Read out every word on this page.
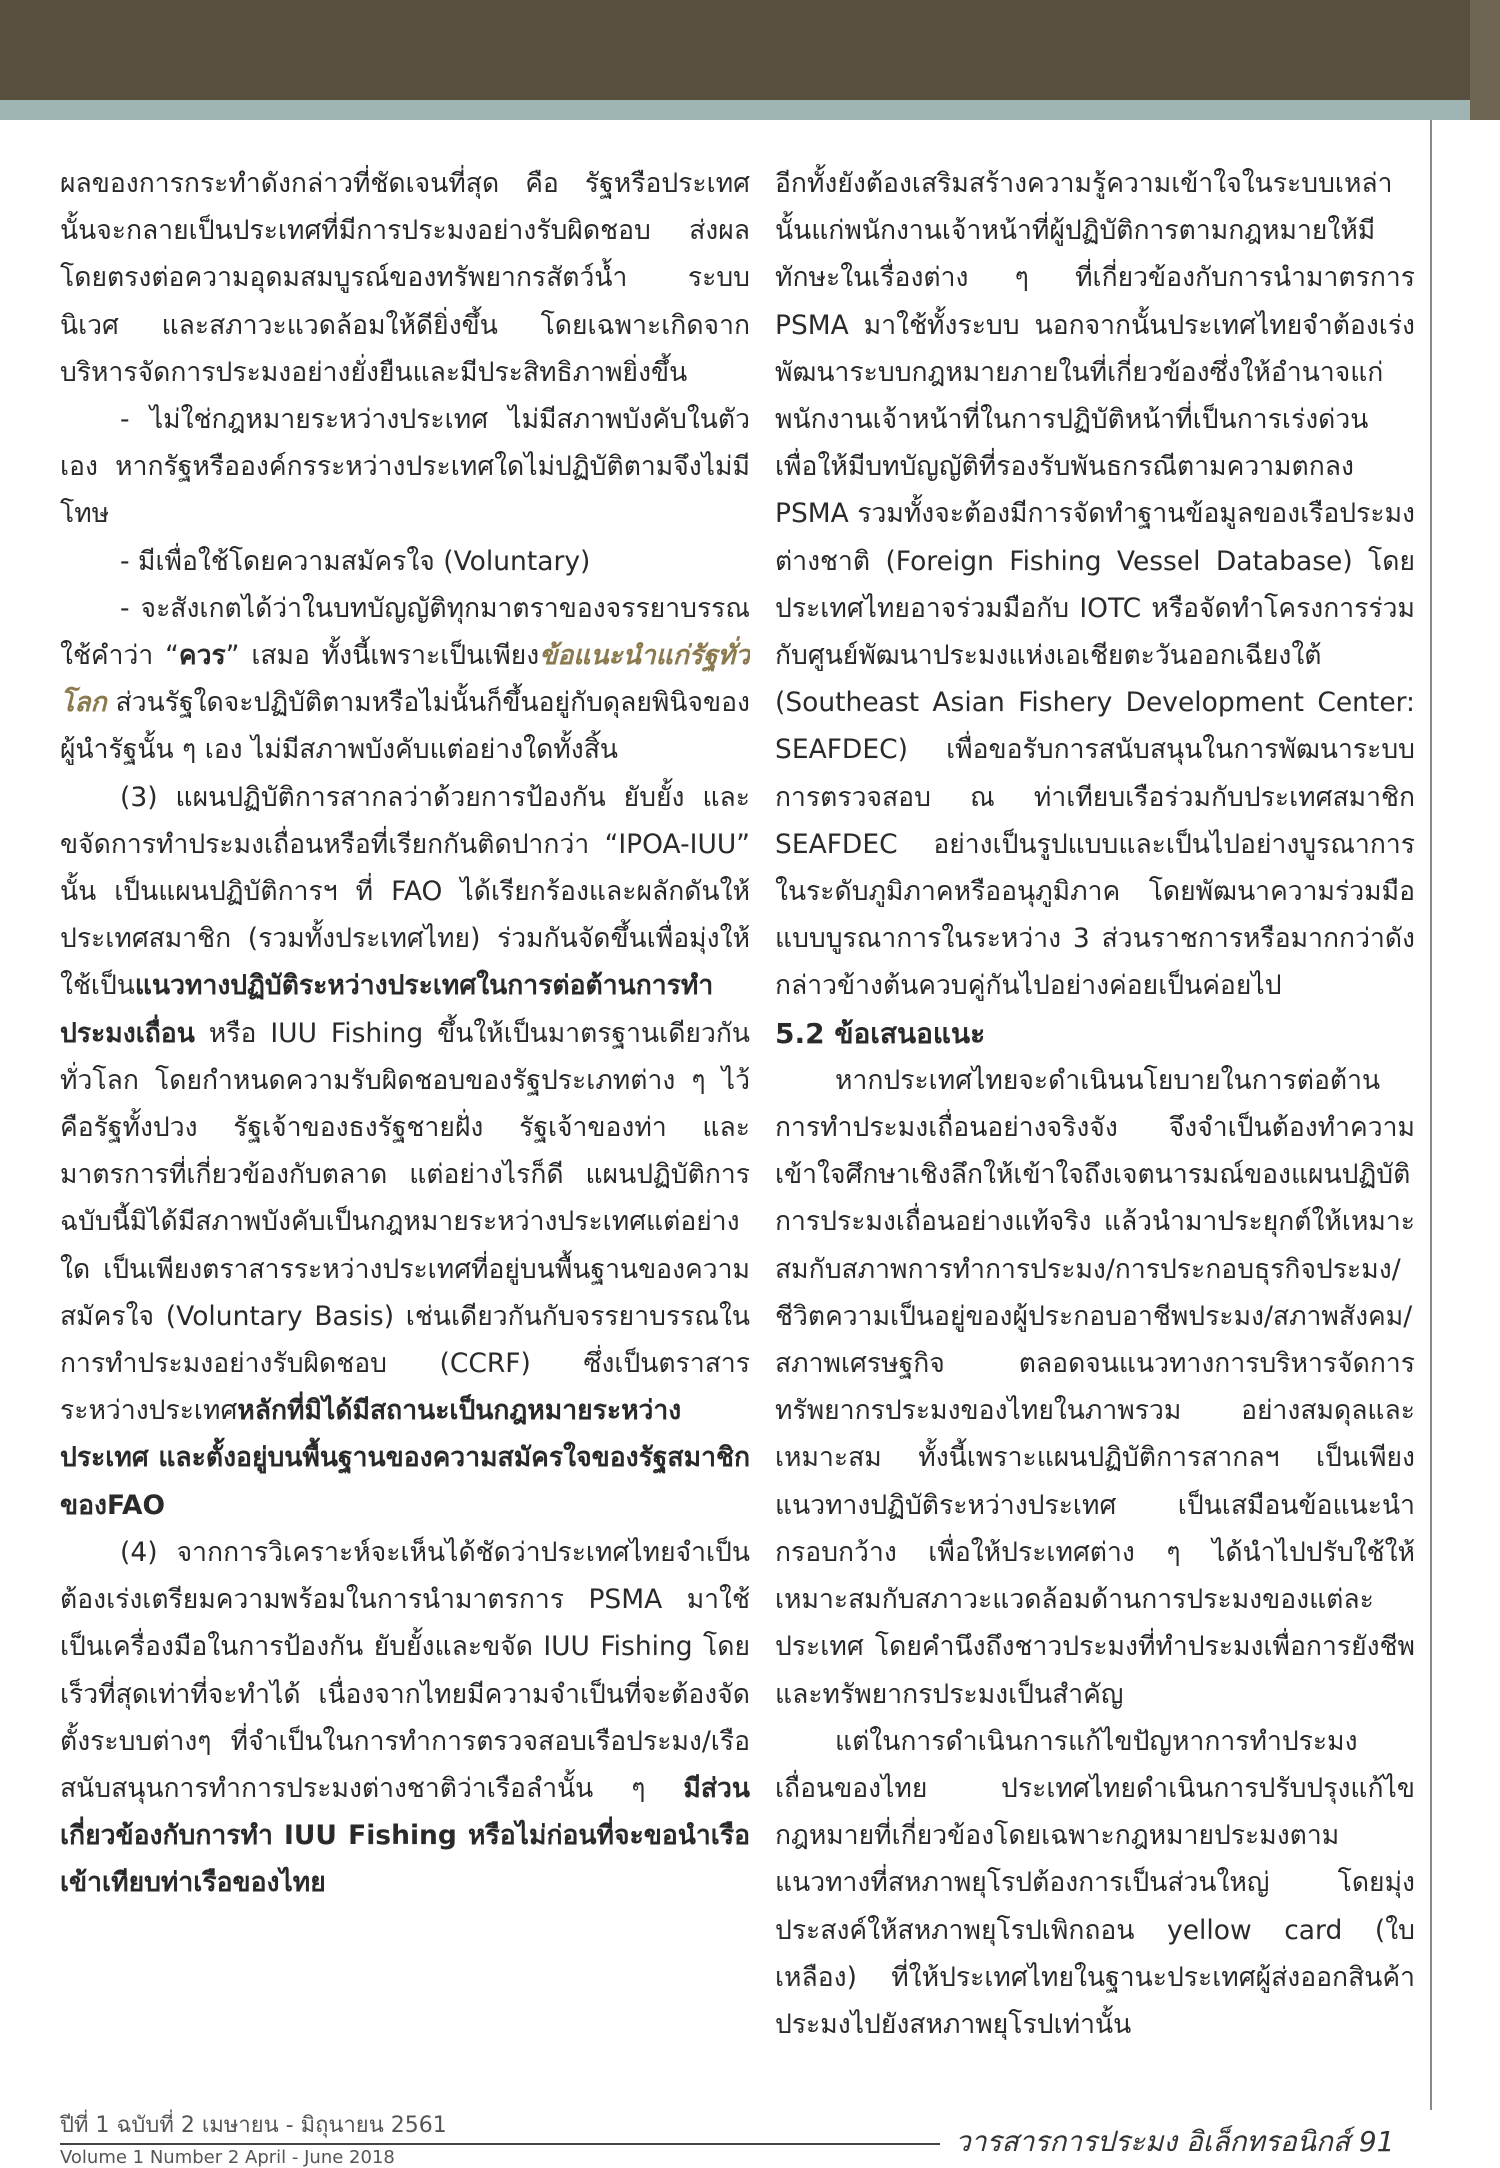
ผลของการกระทำดังกล่าวที่ชัดเจนที่สุด คือ รัฐหรือประเทศนั้นจะกลายเป็นประเทศที่มีการประมงอย่างรับผิดชอบ ส่งผลโดยตรงต่อความอุดมสมบูรณ์ของทรัพยากรสัตว์น้ำ ระบบนิเวศ และสภาวะแวดล้อมให้ดียิ่งขึ้น โดยเฉพาะเกิดจากบริหารจัดการประมงอย่างยั่งยืนและมีประสิทธิภาพยิ่งขึ้น

- ไม่ใช่กฎหมายระหว่างประเทศ ไม่มีสภาพบังคับในตัวเอง หากรัฐหรือองค์กรระหว่างประเทศใดไม่ปฏิบัติตามจึงไม่มีโทษ

- มีเพื่อใช้โดยความสมัครใจ (Voluntary)

- จะสังเกตได้ว่าในบทบัญญัติทุกมาตราของจรรยาบรรณใช้คำว่า “ควร” เสมอ ทั้งนี้เพราะเป็นเพียงข้อแนะนำแก่รัฐทั่วโลก ส่วนรัฐใดจะปฏิบัติตามหรือไม่นั้นก็ขึ้นอยู่กับดุลยพินิจของผู้นำรัฐนั้น ๆ เอง ไม่มีสภาพบังคับแต่อย่างใดทั้งสิ้น

(3) แผนปฏิบัติการสากลว่าด้วยการป้องกัน ยับยั้ง และขจัดการทำประมงเถื่อนหรือที่เรียกกันติดปากว่า “IPOA-IUU” นั้น เป็นแผนปฏิบัติการฯ ที่ FAO ได้เรียกร้องและผลักดันให้ประเทศสมาชิก (รวมทั้งประเทศไทย) ร่วมกันจัดขึ้นเพื่อมุ่งให้ใช้เป็นแนวทางปฏิบัติระหว่างประเทศในการต่อต้านการทำประมงเถื่อน หรือ IUU Fishing ขึ้นให้เป็นมาตรฐานเดียวกันทั่วโลก โดยกำหนดความรับผิดชอบของรัฐประเภทต่าง ๆ ไว้ คือรัฐทั้งปวง รัฐเจ้าของธงรัฐชายฝั่ง รัฐเจ้าของท่า และมาตรการที่เกี่ยวข้องกับตลาด แต่อย่างไรก็ดี แผนปฏิบัติการฉบับนี้มิได้มีสภาพบังคับเป็นกฎหมายระหว่างประเทศแต่อย่างใด เป็นเพียงตราสารระหว่างประเทศที่อยู่บนพื้นฐานของความสมัครใจ (Voluntary Basis) เช่นเดียวกันกับจรรยาบรรณในการทำประมงอย่างรับผิดชอบ (CCRF) ซึ่งเป็นตราสารระหว่างประเทศหลักที่มิได้มีสถานะเป็นกฎหมายระหว่างประเทศ และตั้งอยู่บนพื้นฐานของความสมัครใจของรัฐสมาชิกของFAO

(4) จากการวิเคราะห์จะเห็นได้ชัดว่าประเทศไทยจำเป็นต้องเร่งเตรียมความพร้อมในการนำมาตรการ PSMA มาใช้เป็นเครื่องมือในการป้องกัน ยับยั้งและขจัด IUU Fishing โดยเร็วที่สุดเท่าที่จะทำได้ เนื่องจากไทยมีความจำเป็นที่จะต้องจัดตั้งระบบต่างๆ ที่จำเป็นในการทำการตรวจสอบเรือประมง/เรือสนับสนุนการทำการประมงต่างชาติว่าเรือลำนั้น ๆ มีส่วนเกี่ยวข้องกับการทำ IUU Fishing หรือไม่ก่อนที่จะขอนำเรือเข้าเทียบท่าเรือของไทย

อีกทั้งยังต้องเสริมสร้างความรู้ความเข้าใจในระบบเหล่านั้นแก่พนักงานเจ้าหน้าที่ผู้ปฏิบัติการตามกฎหมายให้มีทักษะในเรื่องต่าง ๆ ที่เกี่ยวข้องกับการนำมาตรการ PSMA มาใช้ทั้งระบบ นอกจากนั้นประเทศไทยจำต้องเร่งพัฒนาระบบกฎหมายภายในที่เกี่ยวข้องซึ่งให้อำนาจแก่พนักงานเจ้าหน้าที่ในการปฏิบัติหน้าที่เป็นการเร่งด่วน เพื่อให้มีบทบัญญัติที่รองรับพันธกรณีตามความตกลง PSMA รวมทั้งจะต้องมีการจัดทำฐานข้อมูลของเรือประมงต่างชาติ (Foreign Fishing Vessel Database) โดยประเทศไทยอาจร่วมมือกับ IOTC หรือจัดทำโครงการร่วมกับศูนย์พัฒนาประมงแห่งเอเชียตะวันออกเฉียงใต้ (Southeast Asian Fishery Development Center: SEAFDEC) เพื่อขอรับการสนับสนุนในการพัฒนาระบบการตรวจสอบ ณ ท่าเทียบเรือร่วมกับประเทศสมาชิก SEAFDEC อย่างเป็นรูปแบบและเป็นไปอย่างบูรณาการในระดับภูมิภาคหรืออนุภูมิภาค โดยพัฒนาความร่วมมือแบบบูรณาการในระหว่าง 3 ส่วนราชการหรือมากกว่าดังกล่าวข้างต้นควบคู่กันไปอย่างค่อยเป็นค่อยไป

5.2 ข้อเสนอแนะ

หากประเทศไทยจะดำเนินนโยบายในการต่อต้านการทำประมงเถื่อนอย่างจริงจัง จึงจำเป็นต้องทำความเข้าใจศึกษาเชิงลึกให้เข้าใจถึงเจตนารมณ์ของแผนปฏิบัติการประมงเถื่อนอย่างแท้จริง แล้วนำมาประยุกต์ให้เหมาะสมกับสภาพการทำการประมง/การประกอบธุรกิจประมง/ชีวิตความเป็นอยู่ของผู้ประกอบอาชีพประมง/สภาพสังคม/สภาพเศรษฐกิจ ตลอดจนแนวทางการบริหารจัดการทรัพยากรประมงของไทยในภาพรวม อย่างสมดุลและเหมาะสม ทั้งนี้เพราะแผนปฏิบัติการสากลฯ เป็นเพียงแนวทางปฏิบัติระหว่างประเทศ เป็นเสมือนข้อแนะนำกรอบกว้าง เพื่อให้ประเทศต่าง ๆ ได้นำไปปรับใช้ให้เหมาะสมกับสภาวะแวดล้อมด้านการประมงของแต่ละประเทศ โดยคำนึงถึงชาวประมงที่ทำประมงเพื่อการยังชีพและทรัพยากรประมงเป็นสำคัญ

แต่ในการดำเนินการแก้ไขปัญหาการทำประมงเถื่อนของไทย ประเทศไทยดำเนินการปรับปรุงแก้ไขกฎหมายที่เกี่ยวข้องโดยเฉพาะกฎหมายประมงตามแนวทางที่สหภาพยุโรปต้องการเป็นส่วนใหญ่ โดยมุ่งประสงค์ให้สหภาพยุโรปเพิกถอน yellow card (ใบเหลือง) ที่ให้ประเทศไทยในฐานะประเทศผู้ส่งออกสินค้าประมงไปยังสหภาพยุโรปเท่านั้น

ปีที่ 1 ฉบับที่ 2 เมษายน - มิถุนายน 2561

Volume 1 Number 2 April - June 2018	วารสารการประมง อิเล็กทรอนิกส์ 91
